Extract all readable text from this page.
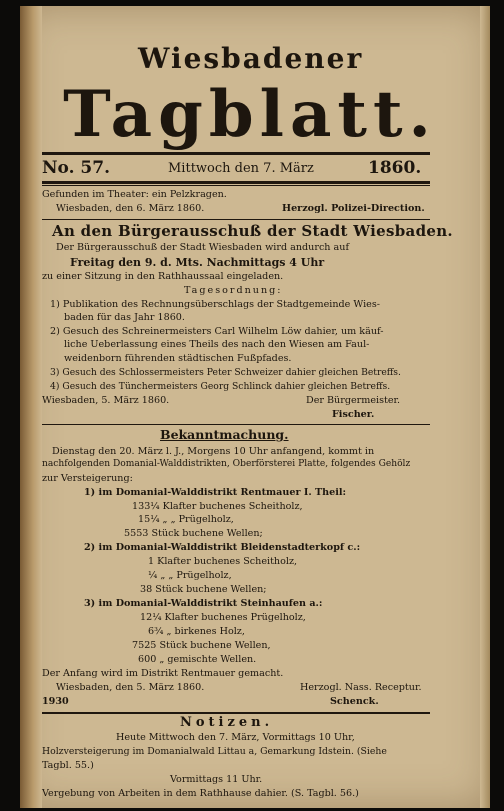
Wiesbadener
Tagblatt.
No. 57.	Mittwoch den 7. März	1860.
Gefunden im Theater: ein Pelzkragen.
Wiesbaden, den 6. März 1860.	Herzogl. Polizei-Direction.
An den Bürgerausschuß der Stadt Wiesbaden.
Der Bürgerausschuß der Stadt Wiesbaden wird andurch auf
Freitag den 9. d. Mts. Nachmittags 4 Uhr
zu einer Sitzung in den Rathhaussaal eingeladen.
Tagesordnung:
1) Publikation des Rechnungsüberschlags der Stadtgemeinde Wies-
baden für das Jahr 1860.
2) Gesuch des Schreinermeisters Carl Wilhelm Löw dahier, um käuf-
liche Ueberlassung eines Theils des nach den Wiesen am Faul-
weidenborn führenden städtischen Fußpfades.
3) Gesuch des Schlossermeisters Peter Schweizer dahier gleichen Betreffs.
4) Gesuch des Tünchermeisters Georg Schlinck dahier gleichen Betreffs.
Wiesbaden, 5. März 1860.	Der Bürgermeister.
Fischer.
Bekanntmachung.
Dienstag den 20. März l. J., Morgens 10 Uhr anfangend, kommt in
nachfolgenden Domanial-Walddistrikten, Oberförsterei Platte, folgendes Gehölz
zur Versteigerung:
1) im Domanial-Walddistrikt Rentmauer I. Theil:
133¼ Klafter buchenes Scheitholz,
15¼ „ „ Prügelholz,
5553 Stück buchene Wellen;
2) im Domanial-Walddistrikt Bleidenstadterkopf c.:
1 Klafter buchenes Scheitholz,
¼ „ „ Prügelholz,
38 Stück buchene Wellen;
3) im Domanial-Walddistrikt Steinhaufen a.:
12¼ Klafter buchenes Prügelholz,
6¾ „ birkenes Holz,
7525 Stück buchene Wellen,
600 „ gemischte Wellen.
Der Anfang wird im Distrikt Rentmauer gemacht.
Wiesbaden, den 5. März 1860.	Herzogl. Nass. Receptur.
1930	Schenck.
Notizen.
Heute Mittwoch den 7. März, Vormittags 10 Uhr,
Holzversteigerung im Domanialwald Littau a, Gemarkung Idstein. (Siehe
Tagbl. 55.)
Vormittags 11 Uhr.
Vergebung von Arbeiten in dem Rathhause dahier. (S. Tagbl. 56.)
